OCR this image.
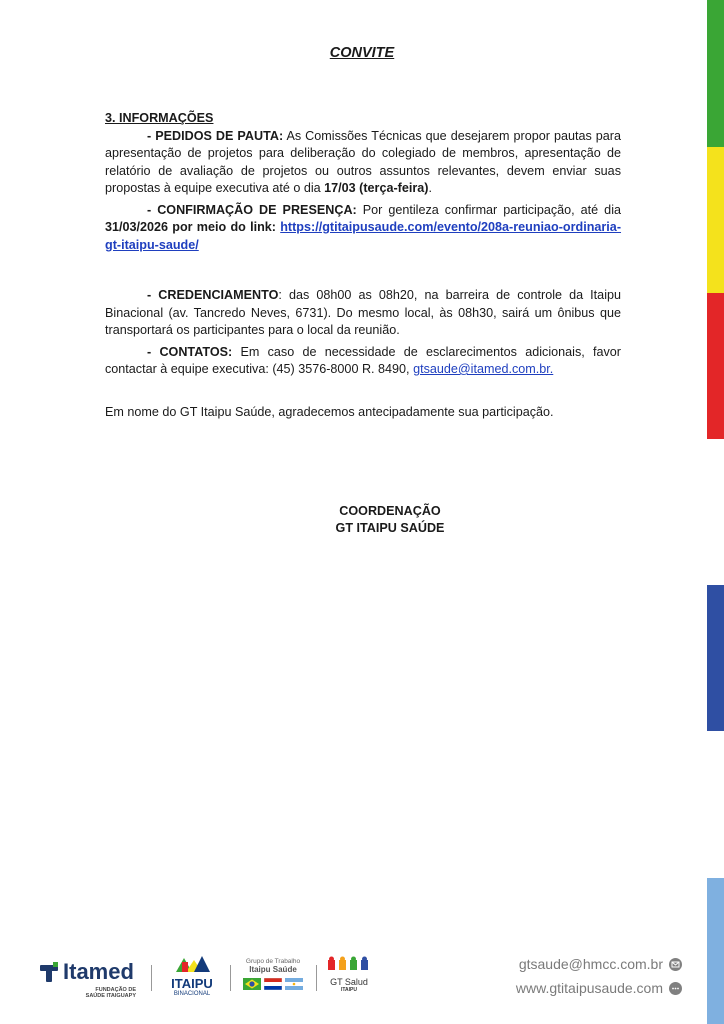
CONVITE
3. INFORMAÇÕES

- PEDIDOS DE PAUTA: As Comissões Técnicas que desejarem propor pautas para apresentação de projetos para deliberação do colegiado de membros, apresentação de relatório de avaliação de projetos ou outros assuntos relevantes, devem enviar suas propostas à equipe executiva até o dia 17/03 (terça-feira).

- CONFIRMAÇÃO DE PRESENÇA: Por gentileza confirmar participação, até dia 31/03/2026 por meio do link: https://gtitaipusaude.com/evento/208a-reuniao-ordinaria-gt-itaipu-saude/

- CREDENCIAMENTO: das 08h00 as 08h20, na barreira de controle da Itaipu Binacional (av. Tancredo Neves, 6731). Do mesmo local, às 08h30, sairá um ônibus que transportará os participantes para o local da reunião.

- CONTATOS: Em caso de necessidade de esclarecimentos adicionais, favor contactar à equipe executiva: (45) 3576-8000 R. 8490, gtsaude@itamed.com.br.

Em nome do GT Itaipu Saúde, agradecemos antecipadamente sua participação.
COORDENAÇÃO
GT ITAIPU SAÚDE
Itamed
FUNDAÇÃO DE
SAÚDE ITAIGUAPY
ITAIPU
BINACIONAL
Grupo de Trabalho
Itaipu Saúde
GT Salud
ITAIPU
gtsaude@hmcc.com.br
www.gtitaipusaude.com
